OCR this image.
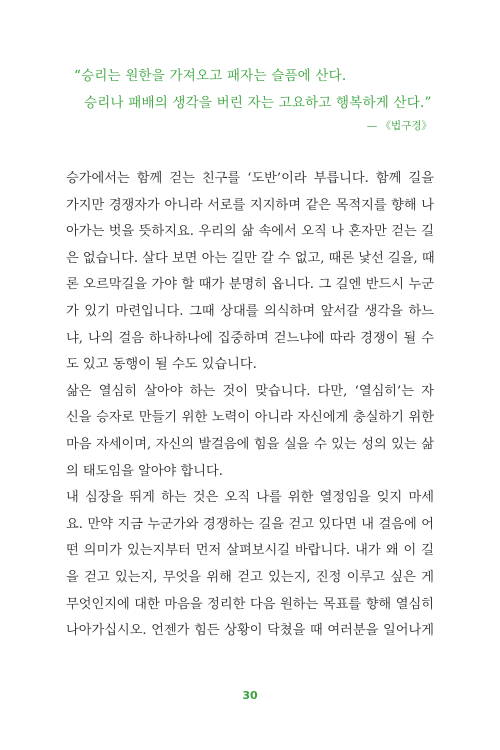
“승리는 원한을 가져오고 패자는 슬픔에 산다.
승리나 패배의 생각을 버린 자는 고요하고 행복하게 산다.”
— 《법구경》
승가에서는 함께 걷는 친구를 ‘도반’이라 부릅니다. 함께 길을
가지만 경쟁자가 아니라 서로를 지지하며 같은 목적지를 향해 나
아가는 벗을 뜻하지요. 우리의 삶 속에서 오직 나 혼자만 걷는 길
은 없습니다. 살다 보면 아는 길만 갈 수 없고, 때론 낯선 길을, 때
론 오르막길을 가야 할 때가 분명히 옵니다. 그 길엔 반드시 누군
가 있기 마련입니다. 그때 상대를 의식하며 앞서갈 생각을 하느
냐, 나의 걸음 하나하나에 집중하며 걷느냐에 따라 경쟁이 될 수
도 있고 동행이 될 수도 있습니다.
삶은 열심히 살아야 하는 것이 맞습니다. 다만, ‘열심히’는 자
신을 승자로 만들기 위한 노력이 아니라 자신에게 충실하기 위한
마음 자세이며, 자신의 발걸음에 힘을 실을 수 있는 성의 있는 삶
의 태도임을 알아야 합니다.
내 심장을 뛰게 하는 것은 오직 나를 위한 열정임을 잊지 마세
요. 만약 지금 누군가와 경쟁하는 길을 걷고 있다면 내 걸음에 어
떤 의미가 있는지부터 먼저 살펴보시길 바랍니다. 내가 왜 이 길
을 걷고 있는지, 무엇을 위해 걷고 있는지, 진정 이루고 싶은 게
무엇인지에 대한 마음을 정리한 다음 원하는 목표를 향해 열심히
나아가십시오. 언젠가 힘든 상황이 닥쳤을 때 여러분을 일어나게
30
